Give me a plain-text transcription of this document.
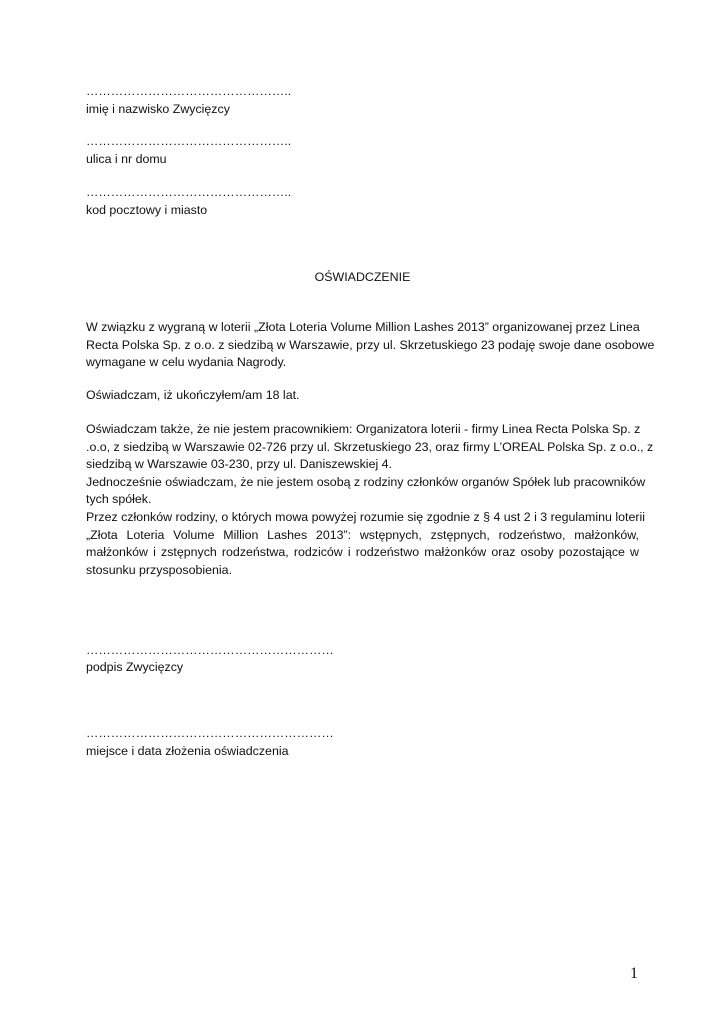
…………………………………………..
imię i nazwisko Zwycięzcy
…………………………………………..
ulica i nr domu
…………………………………………..
kod pocztowy i miasto
OŚWIADCZENIE
W związku z wygraną w loterii „Złota Loteria Volume Million Lashes 2013” organizowanej przez Linea
Recta Polska Sp. z o.o. z siedzibą w Warszawie, przy ul. Skrzetuskiego 23 podaję swoje dane osobowe
wymagane w celu wydania Nagrody.
Oświadczam, iż ukończyłem/am 18 lat.
Oświadczam także, że nie jestem pracownikiem: Organizatora loterii - firmy Linea Recta Polska Sp. z
.o.o, z siedzibą w Warszawie 02-726 przy ul. Skrzetuskiego 23, oraz firmy L’OREAL Polska Sp. z o.o., z
siedzibą w Warszawie 03-230, przy ul. Daniszewskiej 4.
Jednocześnie oświadczam, że nie jestem osobą z rodziny członków organów Spółek lub pracowników
tych spółek.
Przez członków rodziny, o których mowa powyżej rozumie się zgodnie z § 4 ust 2 i 3 regulaminu loterii
„Złota Loteria Volume Million Lashes 2013”: wstępnych, zstępnych, rodzeństwo, małżonków,
małżonków i zstępnych rodzeństwa, rodziców i rodzeństwo małżonków oraz osoby pozostające w
stosunku przysposobienia.
……………………………………………………
podpis Zwycięzcy
……………………………………………………
miejsce i data złożenia oświadczenia
1
